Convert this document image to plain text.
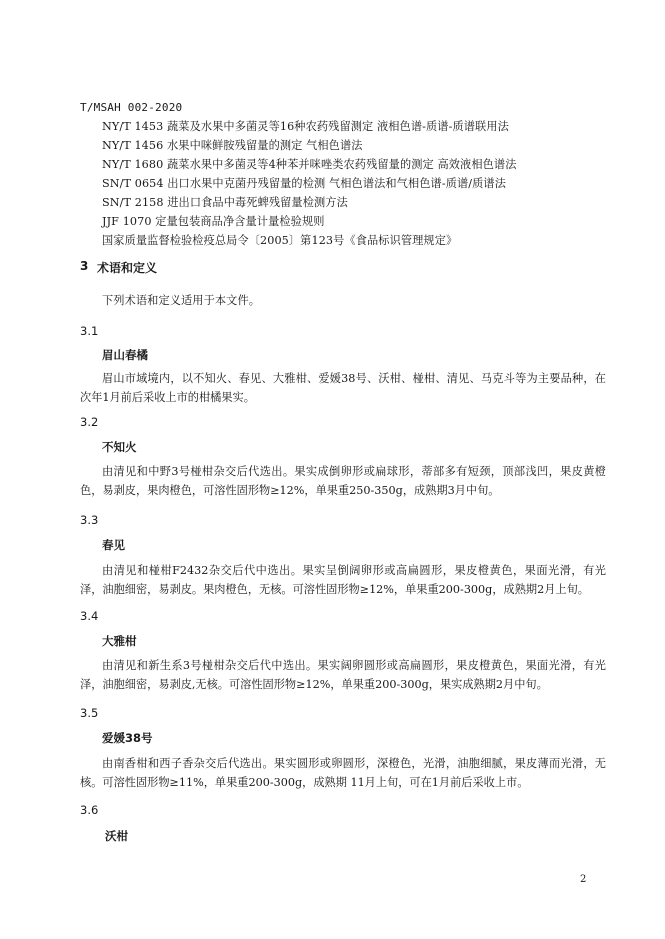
T/MSAH 002-2020
NY/T 1453 蔬菜及水果中多菌灵等16种农药残留测定 液相色谱-质谱-质谱联用法
NY/T 1456 水果中咪鲜胺残留量的测定 气相色谱法
NY/T 1680 蔬菜水果中多菌灵等4种苯并咪唑类农药残留量的测定 高效液相色谱法
SN/T 0654 出口水果中克菌丹残留量的检测 气相色谱法和气相色谱-质谱/质谱法
SN/T 2158 进出口食品中毒死蜱残留量检测方法
JJF 1070 定量包装商品净含量计量检验规则
国家质量监督检验检疫总局令〔2005〕第123号《食品标识管理规定》
3 术语和定义
下列术语和定义适用于本文件。
3.1
眉山春橘
眉山市域境内，以不知火、春见、大雅柑、爱媛38号、沃柑、椪柑、清见、马克斗等为主要品种，在次年1月前后采收上市的柑橘果实。
3.2
不知火
由清见和中野3号椪柑杂交后代选出。果实成倒卵形或扁球形，蒂部多有短颈，顶部浅凹，果皮黄橙色，易剥皮，果肉橙色，可溶性固形物≥12%，单果重250-350g，成熟期3月中旬。
3.3
春见
由清见和椪柑F2432杂交后代中选出。果实呈倒阔卵形或高扁圆形，果皮橙黄色，果面光滑，有光泽，油胞细密，易剥皮。果肉橙色，无核。可溶性固形物≥12%，单果重200-300g，成熟期2月上旬。
3.4
大雅柑
由清见和新生系3号椪柑杂交后代中选出。果实阔卵圆形或高扁圆形，果皮橙黄色，果面光滑，有光泽，油胞细密，易剥皮,无核。可溶性固形物≥12%，单果重200-300g，果实成熟期2月中旬。
3.5
爱媛38号
由南香柑和西子香杂交后代选出。果实圆形或卵圆形，深橙色，光滑，油胞细腻，果皮薄而光滑，无核。可溶性固形物≥11%，单果重200-300g，成熟期 11月上旬，可在1月前后采收上市。
3.6
沃柑
2
